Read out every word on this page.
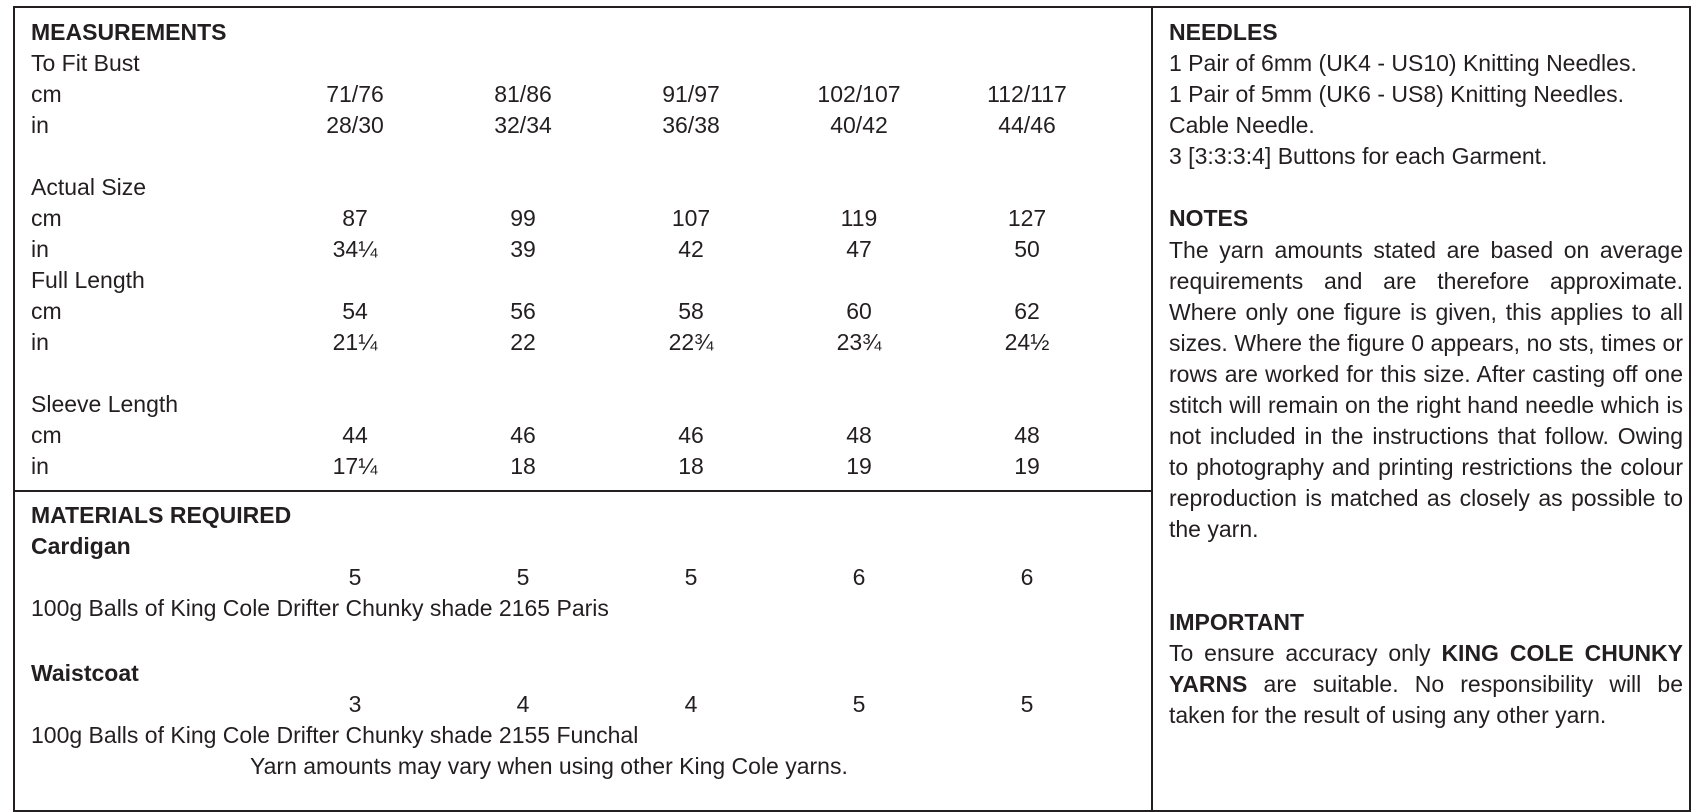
MEASUREMENTS
To Fit Bust
cm	71/76	81/86	91/97	102/107	112/117
in	28/30	32/34	36/38	40/42	44/46
Actual Size
cm	87	99	107	119	127
in	34¼	39	42	47	50
Full Length
cm	54	56	58	60	62
in	21¼	22	22¾	23¾	24½
Sleeve Length
cm	44	46	46	48	48
in	17¼	18	18	19	19
MATERIALS REQUIRED
Cardigan
5	5	5	6	6
100g Balls of King Cole Drifter Chunky shade 2165 Paris
Waistcoat
3	4	4	5	5
100g Balls of King Cole Drifter Chunky shade 2155 Funchal
Yarn amounts may vary when using other King Cole yarns.
NEEDLES
1 Pair of 6mm (UK4 - US10) Knitting Needles.
1 Pair of 5mm (UK6 - US8) Knitting Needles.
Cable Needle.
3 [3:3:3:4] Buttons for each Garment.
NOTES
The yarn amounts stated are based on average requirements and are therefore approximate. Where only one figure is given, this applies to all sizes. Where the figure 0 appears, no sts, times or rows are worked for this size. After casting off one stitch will remain on the right hand needle which is not included in the instructions that follow. Owing to photography and printing restrictions the colour reproduction is matched as closely as possible to the yarn.
IMPORTANT
To ensure accuracy only KING COLE CHUNKY YARNS are suitable. No responsibility will be taken for the result of using any other yarn.
